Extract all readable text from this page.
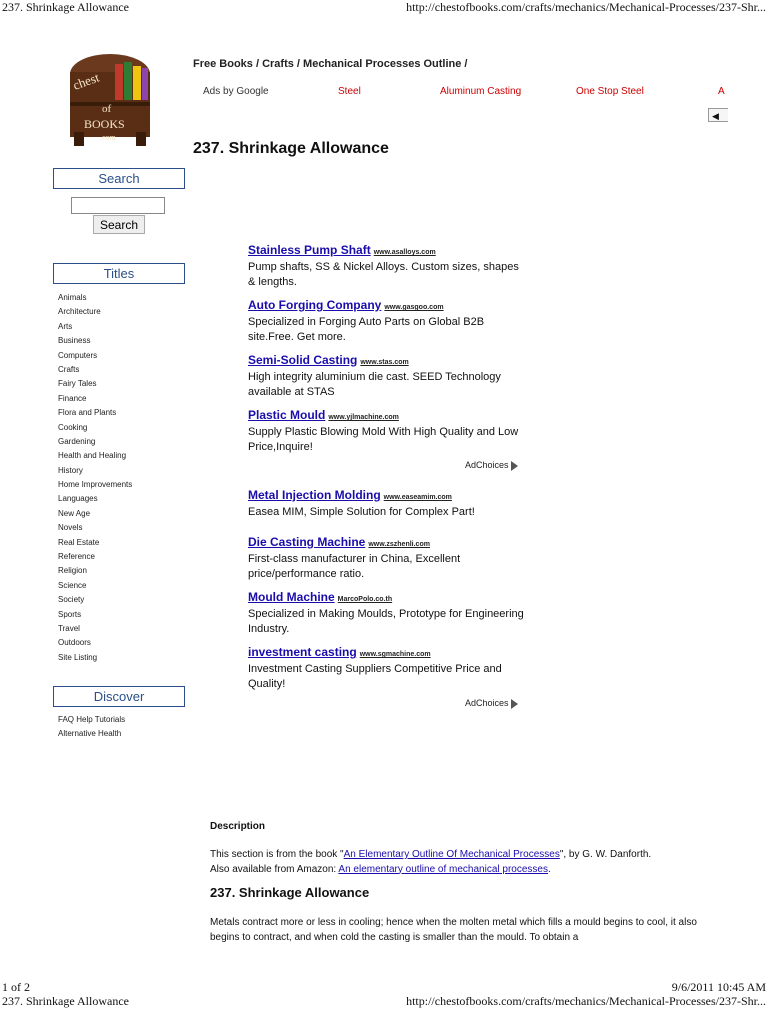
237. Shrinkage Allowance	http://chestofbooks.com/crafts/mechanics/Mechanical-Processes/237-Shr...
chest
of
BOOKS
.com
Search
Search
Titles
Animals
Architecture
Arts
Business
Computers
Crafts
Fairy Tales
Finance
Flora and Plants
Cooking
Gardening
Health and Healing
History
Home Improvements
Languages
New Age
Novels
Real Estate
Reference
Religion
Science
Society
Sports
Travel
Outdoors
Site Listing
Discover
FAQ Help Tutorials
Alternative Health
Free Books / Crafts / Mechanical Processes Outline /
Ads by Google	Steel	Aluminum Casting	One Stop Steel	A
◀
237. Shrinkage Allowance
Stainless Pump Shaft www.asalloys.com
Pump shafts, SS & Nickel Alloys. Custom sizes, shapes & lengths.
Auto Forging Company www.gasgoo.com
Specialized in Forging Auto Parts on Global B2B site.Free. Get more.
Semi-Solid Casting www.stas.com
High integrity aluminium die cast. SEED Technology available at STAS
Plastic Mould www.yjlmachine.com
Supply Plastic Blowing Mold With High Quality and Low Price,Inquire!
AdChoices
Metal Injection Molding www.easeamim.com
Easea MIM, Simple Solution for Complex Part!
Die Casting Machine www.zszhenli.com
First-class manufacturer in China, Excellent price/performance ratio.
Mould Machine MarcoPolo.co.th
Specialized in Making Moulds, Prototype for Engineering Industry.
investment casting www.sgmachine.com
Investment Casting Suppliers Competitive Price and Quality!
AdChoices
Description
This section is from the book "An Elementary Outline Of Mechanical Processes", by G. W. Danforth.
Also available from Amazon: An elementary outline of mechanical processes.
237. Shrinkage Allowance
Metals contract more or less in cooling; hence when the molten metal which fills a mould begins to cool, it also begins to contract, and when cold the casting is smaller than the mould. To obtain a
1 of 2	9/6/2011 10:45 AM
237. Shrinkage Allowance	http://chestofbooks.com/crafts/mechanics/Mechanical-Processes/237-Shr...
